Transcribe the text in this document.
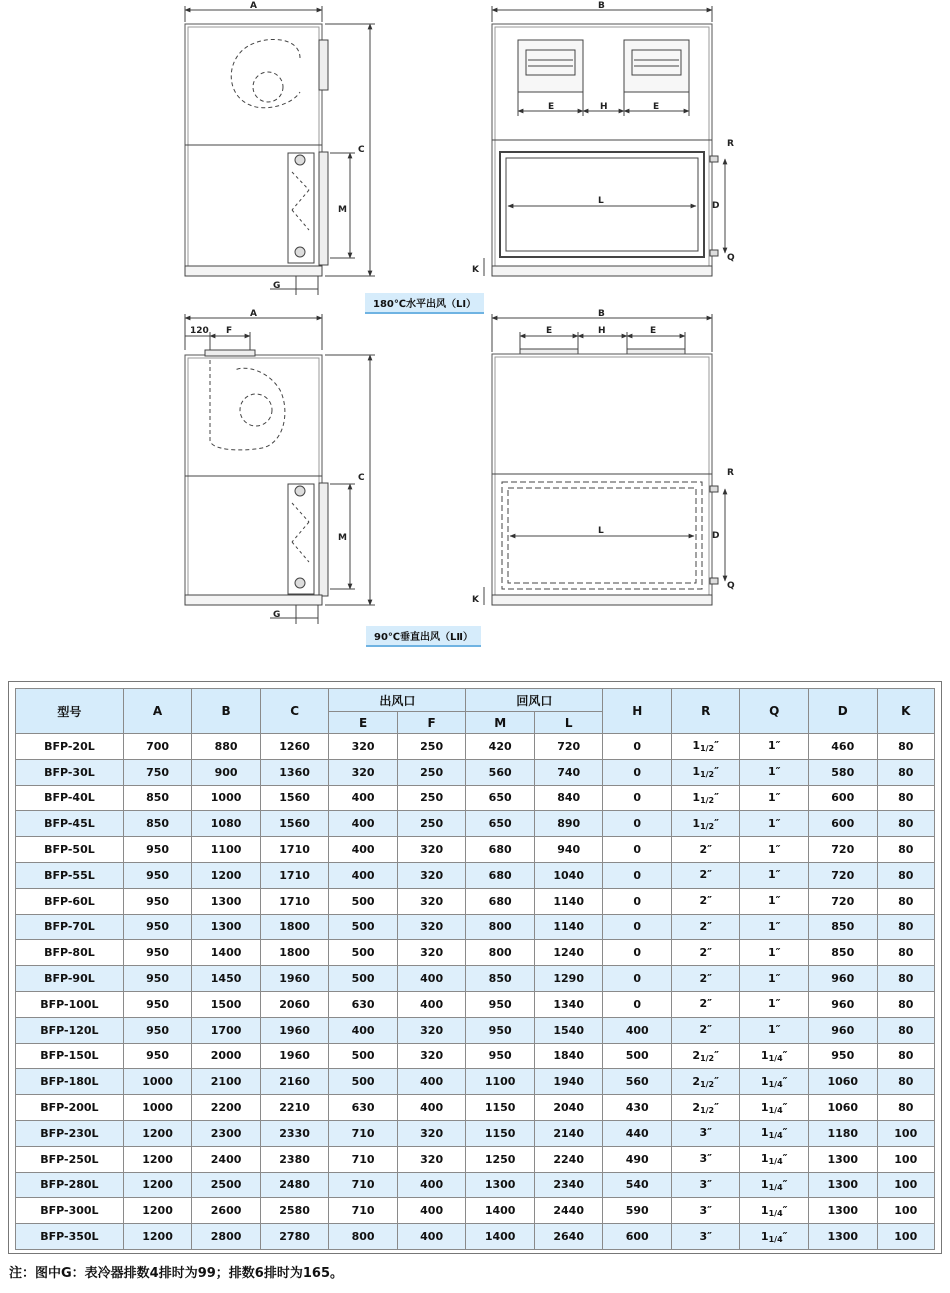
A
C
M
G
B
E	H	E
L	D
R
Q
K
A
120 F
C
M
G
B
E	H	E
L	D
R
Q
K
180℃水平出风（LⅠ）
90℃垂直出风（LⅡ）
型号	A	B	C	出风口		回风口		H	R	Q	D	K
				E	F	M	L					
BFP-20L	700	880	1260	320	250	420	720	0	$1_{1/2}''$	1″	460	80
BFP-30L	750	900	1360	320	250	560	740	0	$1_{1/2}''$	1″	580	80
BFP-40L	850	1000	1560	400	250	650	840	0	$1_{1/2}''$	1″	600	80
BFP-45L	850	1080	1560	400	250	650	890	0	$1_{1/2}''$	1″	600	80
BFP-50L	950	1100	1710	400	320	680	940	0	2″	1″	720	80
BFP-55L	950	1200	1710	400	320	680	1040	0	2″	1″	720	80
BFP-60L	950	1300	1710	500	320	680	1140	0	2″	1″	720	80
BFP-70L	950	1300	1800	500	320	800	1140	0	2″	1″	850	80
BFP-80L	950	1400	1800	500	320	800	1240	0	2″	1″	850	80
BFP-90L	950	1450	1960	500	400	850	1290	0	2″	1″	960	80
BFP-100L	950	1500	2060	630	400	950	1340	0	2″	1″	960	80
BFP-120L	950	1700	1960	400	320	950	1540	400	2″	1″	960	80
BFP-150L	950	2000	1960	500	320	950	1840	500	$2_{1/2}''$	$1_{1/4}''$	950	80
BFP-180L	1000	2100	2160	500	400	1100	1940	560	$2_{1/2}''$	$1_{1/4}''$	1060	80
BFP-200L	1000	2200	2210	630	400	1150	2040	430	$2_{1/2}''$	$1_{1/4}''$	1060	80
BFP-230L	1200	2300	2330	710	320	1150	2140	440	3″	$1_{1/4}''$	1180	100
BFP-250L	1200	2400	2380	710	320	1250	2240	490	3″	$1_{1/4}''$	1300	100
BFP-280L	1200	2500	2480	710	400	1300	2340	540	3″	$1_{1/4}''$	1300	100
BFP-300L	1200	2600	2580	710	400	1400	2440	590	3″	$1_{1/4}''$	1300	100
BFP-350L	1200	2800	2780	800	400	1400	2640	600	3″	$1_{1/4}''$	1300	100
注：图中G：表冷器排数4排时为99；排数6排时为165。
